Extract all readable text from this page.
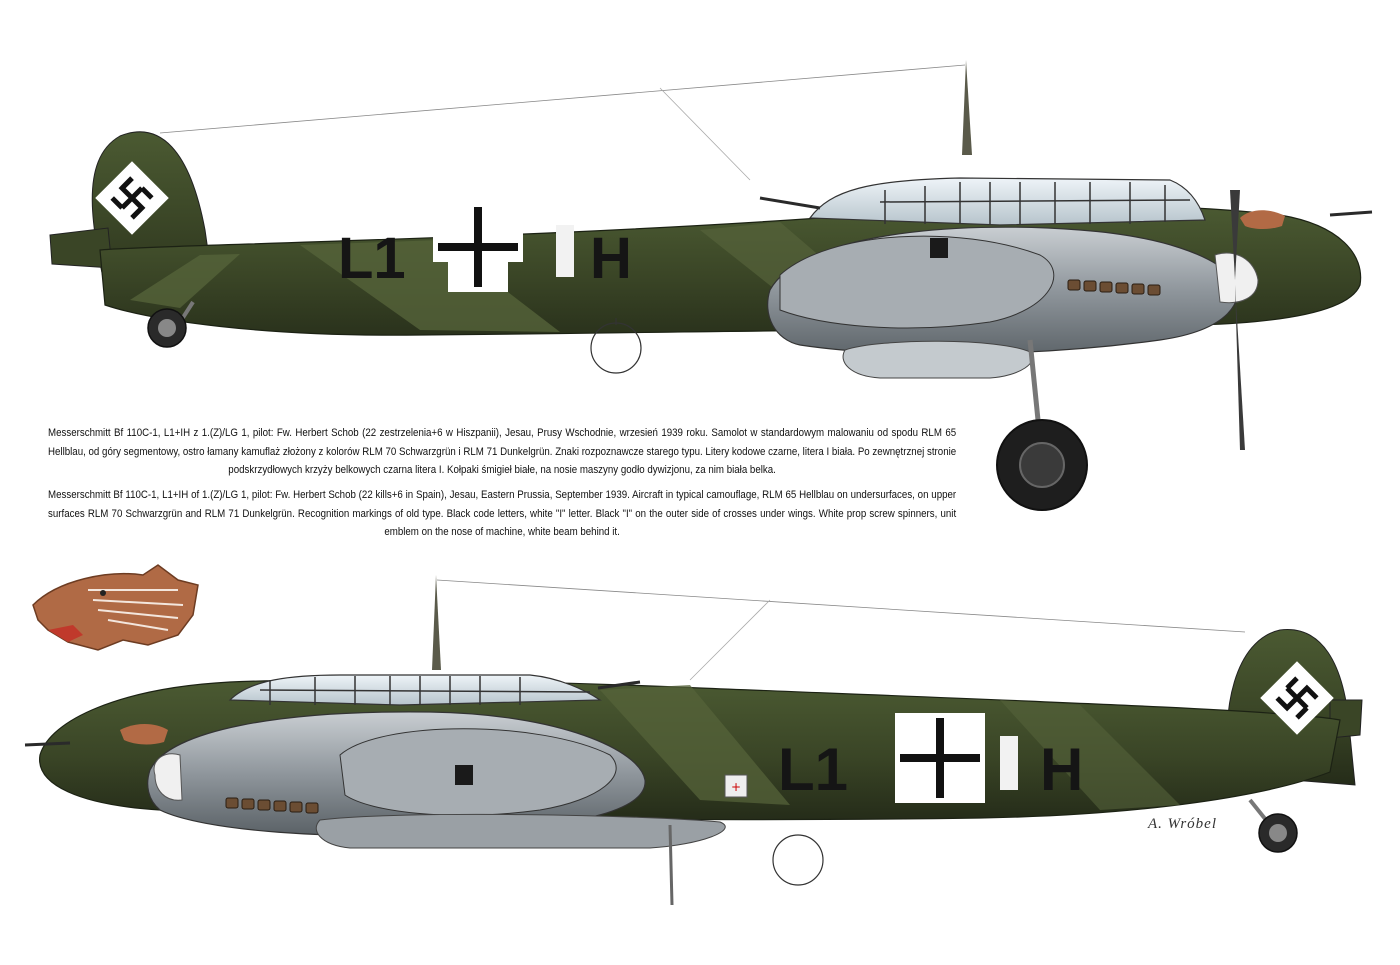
L1	H
Messerschmitt Bf 110C-1, L1+IH z 1.(Z)/LG 1, pilot: Fw. Herbert Schob (22 zestrzelenia+6 w Hiszpanii), Jesau, Prusy Wschodnie, wrzesień 1939 roku. Samolot w standardowym malowaniu od spodu RLM 65 Hellblau, od góry segmentowy, ostro łamany kamuflaż złożony z kolorów RLM 70 Schwarzgrün i RLM 71 Dunkelgrün. Znaki rozpoznawcze starego typu. Litery kodowe czarne, litera I biała. Po zewnętrznej stronie podskrzydłowych krzyży belkowych czarna litera I. Kołpaki śmigieł białe, na nosie maszyny godło dywizjonu, za nim biała belka.
Messerschmitt Bf 110C-1, L1+IH of 1.(Z)/LG 1, pilot: Fw. Herbert Schob (22 kills+6 in Spain), Jesau, Eastern Prussia, September 1939. Aircraft in typical camouflage, RLM 65 Hellblau on undersurfaces, on upper surfaces RLM 70 Schwarzgrün and RLM 71 Dunkelgrün. Recognition markings of old type. Black code letters, white "I" letter. Black "I" on the outer side of crosses under wings. White prop screw spinners, unit emblem on the nose of machine, white beam behind it.
L1	H
+
A. Wróbel
